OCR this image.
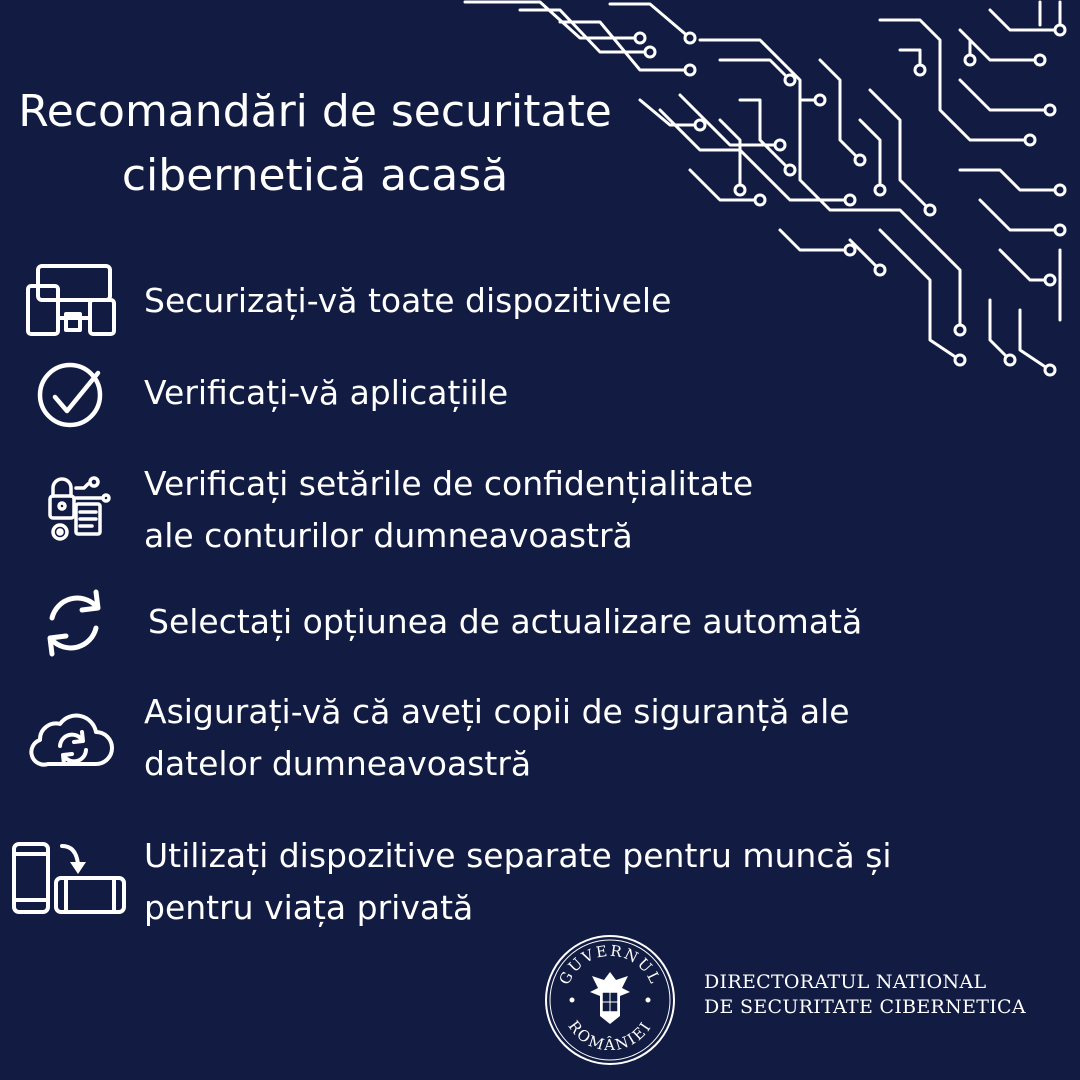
Recomandări de securitate
cibernetică acasă
Securizați-vă toate dispozitivele
Verificați-vă aplicațiile
Verificați setările de confidențialitate
ale conturilor dumneavoastră
Selectați opțiunea de actualizare automată
Asigurați-vă că aveți copii de siguranță ale
datelor dumneavoastră
Utilizați dispozitive separate pentru muncă și
pentru viața privată
GUVERNUL
ROMÂNIEI
DIRECTORATUL NATIONAL
DE SECURITATE CIBERNETICA
